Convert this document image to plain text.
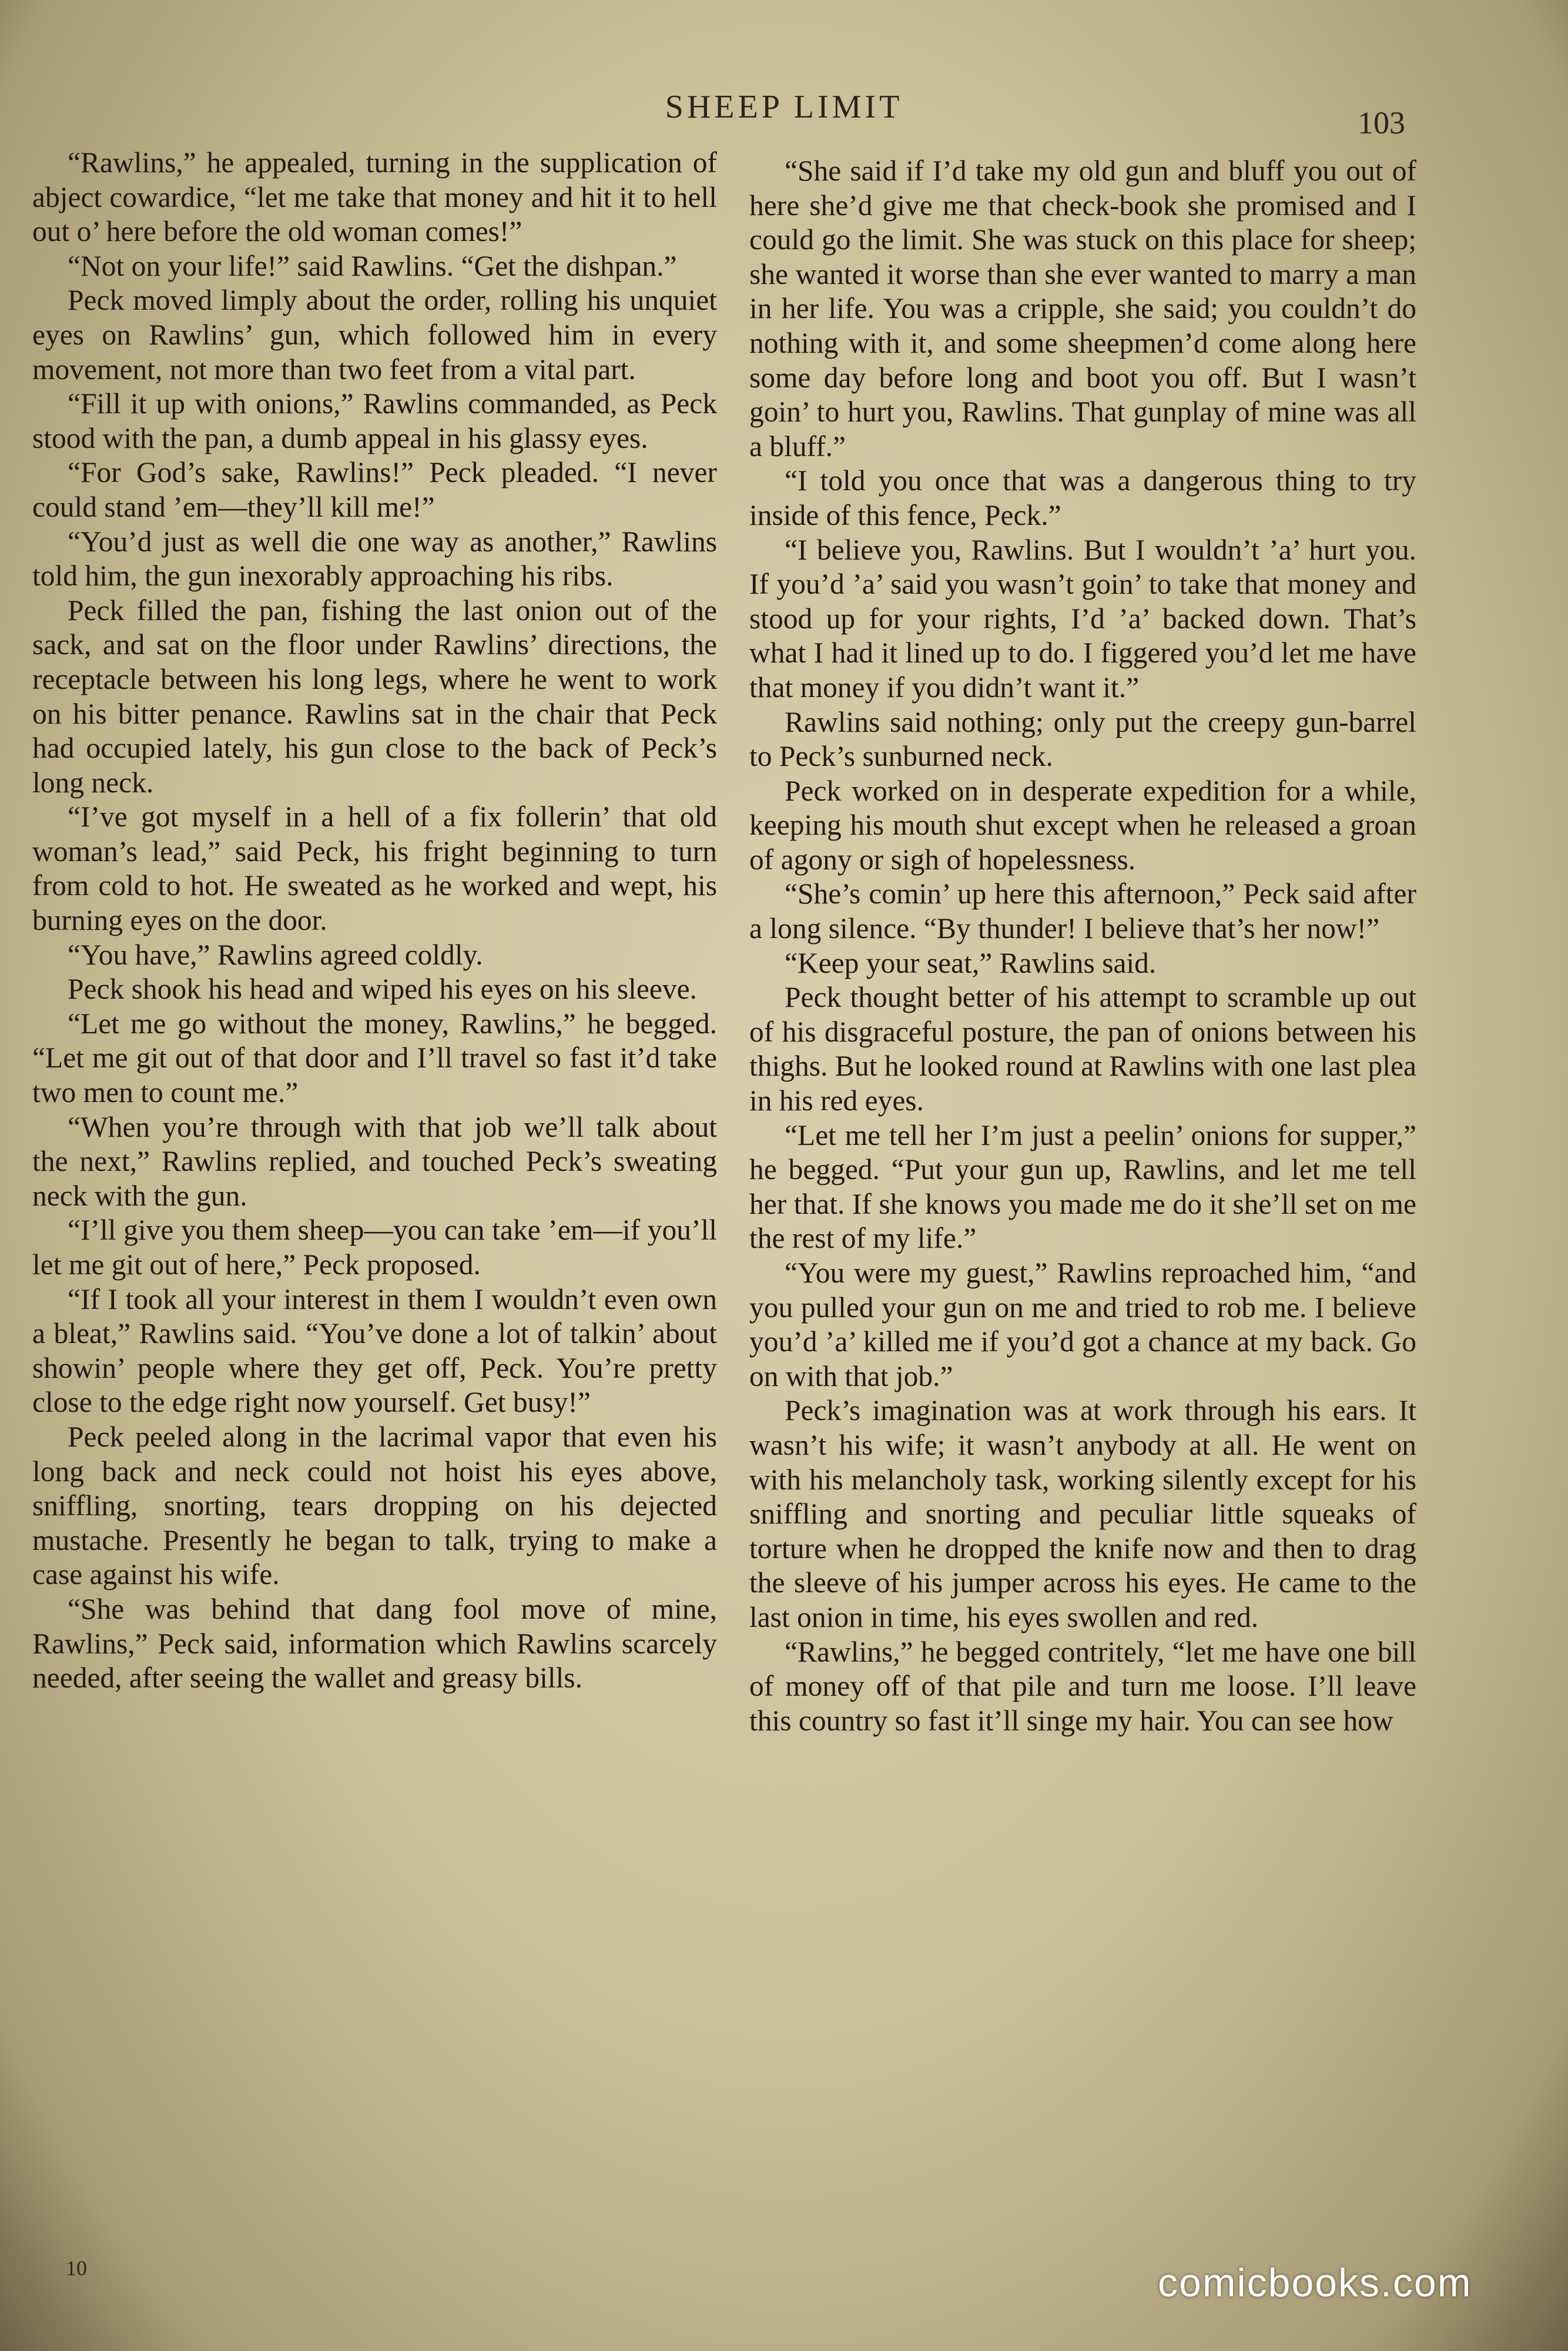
SHEEP LIMIT	103

“Rawlins,” he appealed, turning in the supplication of abject cowardice, “let me take that money and hit it to hell out o’ here before the old woman comes!”

“Not on your life!” said Rawlins. “Get the dishpan.”

Peck moved limply about the order, rolling his unquiet eyes on Rawlins’ gun, which followed him in every movement, not more than two feet from a vital part.

“Fill it up with onions,” Rawlins commanded, as Peck stood with the pan, a dumb appeal in his glassy eyes.

“For God’s sake, Rawlins!” Peck pleaded. “I never could stand ’em—they’ll kill me!”

“You’d just as well die one way as another,” Rawlins told him, the gun inexorably approaching his ribs.

Peck filled the pan, fishing the last onion out of the sack, and sat on the floor under Rawlins’ directions, the receptacle between his long legs, where he went to work on his bitter penance. Rawlins sat in the chair that Peck had occupied lately, his gun close to the back of Peck’s long neck.

“I’ve got myself in a hell of a fix follerin’ that old woman’s lead,” said Peck, his fright beginning to turn from cold to hot. He sweated as he worked and wept, his burning eyes on the door.

“You have,” Rawlins agreed coldly.

Peck shook his head and wiped his eyes on his sleeve.

“Let me go without the money, Rawlins,” he begged. “Let me git out of that door and I’ll travel so fast it’d take two men to count me.”

“When you’re through with that job we’ll talk about the next,” Rawlins replied, and touched Peck’s sweating neck with the gun.

“I’ll give you them sheep—you can take ’em—if you’ll let me git out of here,” Peck proposed.

“If I took all your interest in them I wouldn’t even own a bleat,” Rawlins said. “You’ve done a lot of talkin’ about showin’ people where they get off, Peck. You’re pretty close to the edge right now yourself. Get busy!”

Peck peeled along in the lacrimal vapor that even his long back and neck could not hoist his eyes above, sniffling, snorting, tears dropping on his dejected mustache. Presently he began to talk, trying to make a case against his wife.

“She was behind that dang fool move of mine, Rawlins,” Peck said, information which Rawlins scarcely needed, after seeing the wallet and greasy bills.

“She said if I’d take my old gun and bluff you out of here she’d give me that check-book she promised and I could go the limit. She was stuck on this place for sheep; she wanted it worse than she ever wanted to marry a man in her life. You was a cripple, she said; you couldn’t do nothing with it, and some sheepmen’d come along here some day before long and boot you off. But I wasn’t goin’ to hurt you, Rawlins. That gunplay of mine was all a bluff.”

“I told you once that was a dangerous thing to try inside of this fence, Peck.”

“I believe you, Rawlins. But I wouldn’t ’a’ hurt you. If you’d ’a’ said you wasn’t goin’ to take that money and stood up for your rights, I’d ’a’ backed down. That’s what I had it lined up to do. I figgered you’d let me have that money if you didn’t want it.”

Rawlins said nothing; only put the creepy gun-barrel to Peck’s sunburned neck.

Peck worked on in desperate expedition for a while, keeping his mouth shut except when he released a groan of agony or sigh of hopelessness.

“She’s comin’ up here this afternoon,” Peck said after a long silence. “By thunder! I believe that’s her now!”

“Keep your seat,” Rawlins said.

Peck thought better of his attempt to scramble up out of his disgraceful posture, the pan of onions between his thighs. But he looked round at Rawlins with one last plea in his red eyes.

“Let me tell her I’m just a peelin’ onions for supper,” he begged. “Put your gun up, Rawlins, and let me tell her that. If she knows you made me do it she’ll set on me the rest of my life.”

“You were my guest,” Rawlins reproached him, “and you pulled your gun on me and tried to rob me. I believe you’d ’a’ killed me if you’d got a chance at my back. Go on with that job.”

Peck’s imagination was at work through his ears. It wasn’t his wife; it wasn’t anybody at all. He went on with his melancholy task, working silently except for his sniffling and snorting and peculiar little squeaks of torture when he dropped the knife now and then to drag the sleeve of his jumper across his eyes. He came to the last onion in time, his eyes swollen and red.

“Rawlins,” he begged contritely, “let me have one bill of money off of that pile and turn me loose. I’ll leave this country so fast it’ll singe my hair. You can see how

10	comicbooks.com
